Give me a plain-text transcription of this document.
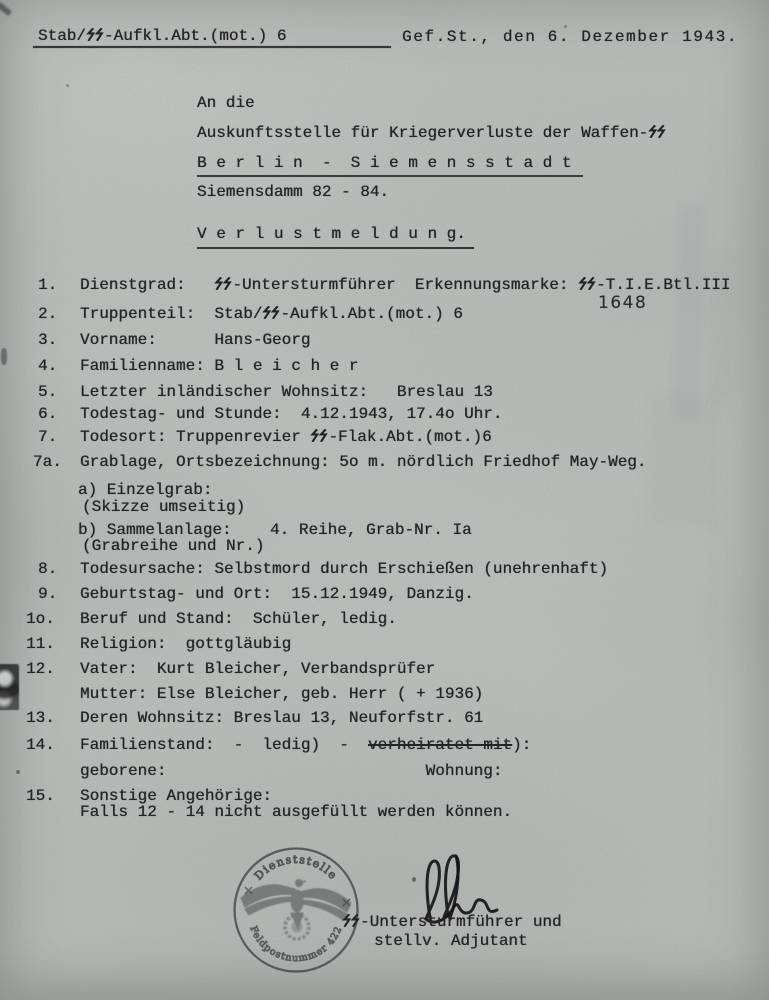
Stab/ -Aufkl.Abt.(mot.) 6	Gef.St., den 6. Dezember 1943.
An die
Auskunftsstelle für Kriegerverluste der Waffen-
B e r l i n  -  S i e m e n s s t a d t
Siemensdamm 82 - 84.
V e r l u s t m e l d u n g.
1. Dienstgrad:   -Untersturmführer  Erkennungsmarke: -T.I.E.Btl.III
1648
2. Truppenteil:  Stab/ -Aufkl.Abt.(mot.) 6
3. Vorname:      Hans-Georg
4. Familienname: B l e i c h e r
5. Letzter inländischer Wohnsitz:   Breslau 13
6. Todestag- und Stunde:  4.12.1943, 17.4o Uhr.
7. Todesort: Truppenrevier -Flak.Abt.(mot.)6
7a. Grablage, Ortsbezeichnung: 5o m. nördlich Friedhof May-Weg.
a) Einzelgrab:
(Skizze umseitig)
b) Sammelanlage:    4. Reihe, Grab-Nr. Ia
(Grabreihe und Nr.)
8. Todesursache: Selbstmord durch Erschießen (unehrenhaft)
9. Geburtstag- und Ort:  15.12.1949, Danzig.
1o. Beruf und Stand:  Schüler, ledig.
11. Religion:  gottgläubig
12. Vater:  Kurt Bleicher, Verbandsprüfer
Mutter: Else Bleicher, geb. Herr ( + 1936)
13. Deren Wohnsitz: Breslau 13, Neuforfstr. 61
14. Familienstand:  -  ledig)  -  verheiratet-mit):
geborene:                           Wohnung:
15. Sonstige Angehörige:
Falls 12 - 14 nicht ausgefüllt werden können.
Dienststelle
Feldpostnummer 422 -Untersturmführer und
stellv. Adjutant
